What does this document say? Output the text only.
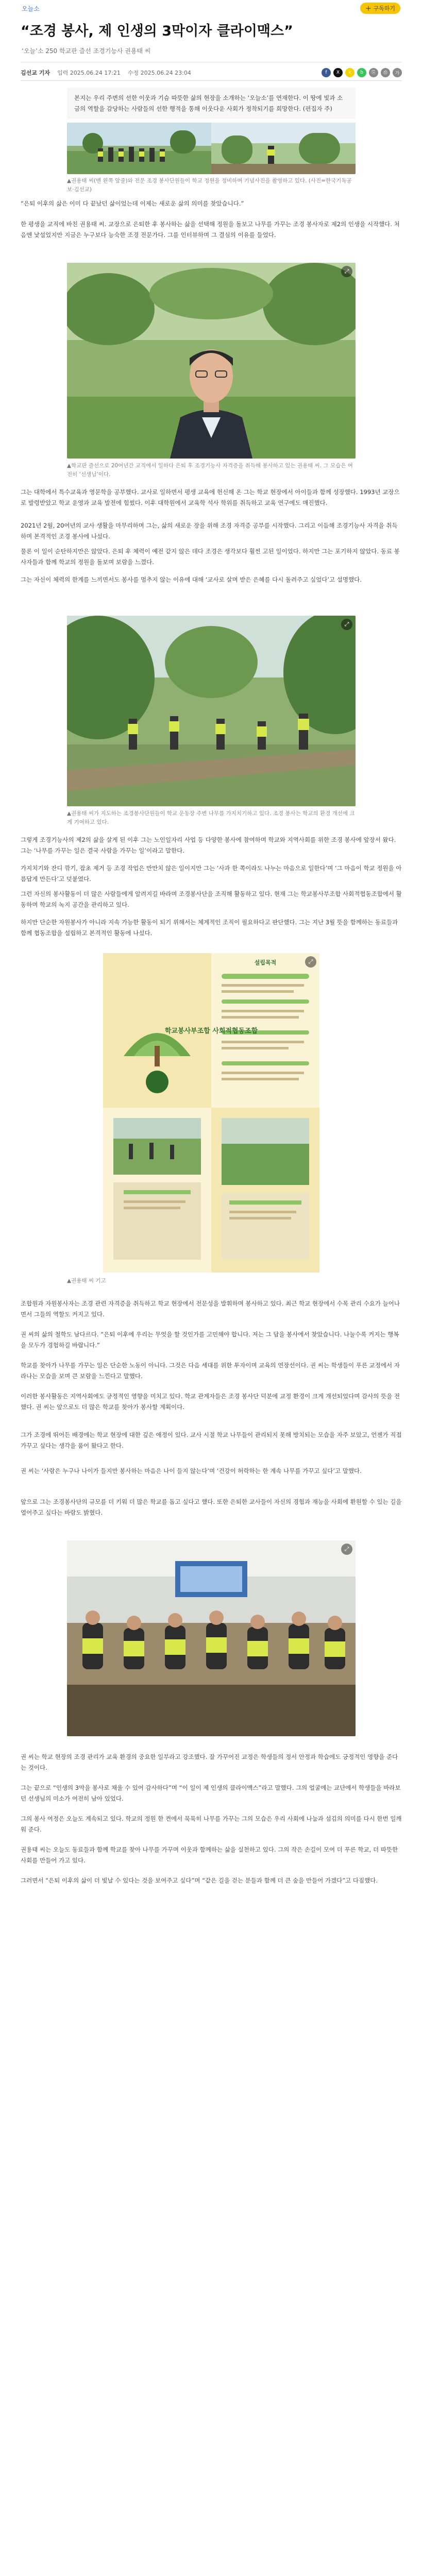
오늘소	＋ 구독하기
“조경 봉사, 제 인생의 3막이자 클라이맥스”
‘오늘’소 250 학교판 즐선 조경기능사 권용태 씨
김선교 기자 입력 2025.06.24 17:21 수정 2025.06.24 23:04	f	X	k	b	⎘	⎙	가
본지는 우리 주변의 선한 이웃과 기슴 따뜻한 삶의 현장을 소개하는 ‘오늘소’를 연재한다. 이 땅에 빛과 소금의 역할을 감당하는 사람들의 선한 행적을 통해 이웃다운 사회가 정착되기를 희망한다. (편집자 주)
▲권용태 씨(맨 왼쪽 앞줄)와 전문 조경 봉사단원들이 학교 정원을 정비하며 기념사진을 촬영하고 있다. (사진=한국기독공보·김선교)

“은퇴 이후의 삶은 이미 다 끝났던 삶이었는데 이제는 새로운 삶의 의미를 찾았습니다.”

한 평생을 교직에 바친 권용태 씨. 교장으로 은퇴한 후 봉사하는 삶을 선택해 정원을 돌보고 나무를 가꾸는 조경 봉사자로 제2의 인생을 시작했다. 처음엔 낯설었지만 지금은 누구보다 능숙한 조경 전문가다. 그를 인터뷰하며 그 결심의 이유를 들었다.

⤢
▲학교판 즐선으로 20여년간 교직에서 일하다 은퇴 후 조경기능사 자격증을 취득해 봉사하고 있는 권용태 씨. 그 모습은 여전히 ‘선생님’이다.

그는 대학에서 특수교육과 영문학을 공부했다. 교사로 일하면서 평생 교육에 헌신해 온 그는 학교 현장에서 아이들과 함께 성장했다. 1993년 교장으로 발령받았고 학교 운영과 교육 발전에 힘썼다. 이후 대학원에서 교육학 석사 학위를 취득하고 교육 연구에도 매진했다.

2021년 2월, 20여년의 교사 생활을 마무리하며 그는, 삶의 새로운 장을 위해 조경 자격증 공부를 시작했다. 그리고 이듬해 조경기능사 자격을 취득하며 본격적인 조경 봉사에 나섰다.

물론 이 일이 순탄하지만은 않았다. 은퇴 후 체력이 예전 같지 않은 데다 조경은 생각보다 훨씬 고된 일이었다. 하지만 그는 포기하지 않았다. 동료 봉사자들과 함께 학교의 정원을 돌보며 보람을 느꼈다.

그는 자신이 체력의 한계를 느끼면서도 봉사를 멈추지 않는 이유에 대해 ‘교사로 살며 받은 은혜를 다시 돌려주고 싶었다’고 설명했다.

⤢
▲권용태 씨가 지도하는 조경봉사단원들이 학교 운동장 주변 나무를 가지치기하고 있다. 조경 봉사는 학교의 환경 개선에 크게 기여하고 있다.

그렇게 조경기능사의 제2의 삶을 살게 된 이후 그는 노인일자리 사업 등 다양한 봉사에 참여하며 학교와 지역사회를 위한 조경 봉사에 앞장서 왔다. 그는 ‘나무를 가꾸는 일은 결국 사람을 가꾸는 일’이라고 말한다.

가지치기와 잔디 깎기, 잡초 제거 등 조경 작업은 만만치 않은 일이지만 그는 ‘사과 한 쪽이라도 나누는 마음으로 일한다’며 ‘그 마음이 학교 정원을 아름답게 만든다’고 덧붙였다.

그런 자신의 봉사활동이 더 많은 사람들에게 알려지길 바라며 조경봉사단을 조직해 활동하고 있다. 현재 그는 학교봉사부조합 사회적협동조합에서 활동하며 학교의 녹지 공간을 관리하고 있다.

하지만 단순한 자원봉사가 아니라 지속 가능한 활동이 되기 위해서는 체계적인 조직이 필요하다고 판단했다. 그는 지난 3월 뜻을 함께하는 동료들과 함께 협동조합을 설립하고 본격적인 활동에 나섰다.

학교봉사부조합 사회적협동조합
설립목적	⤢
▲권용태 씨 기고

조합원과 자원봉사자는 조경 관련 자격증을 취득하고 학교 현장에서 전문성을 발휘하며 봉사하고 있다. 최근 학교 현장에서 수목 관리 수요가 늘어나면서 그들의 역할도 커지고 있다.

권 씨의 삶의 철학도 남다르다. “은퇴 이후에 우리는 무엇을 할 것인가를 고민해야 합니다. 저는 그 답을 봉사에서 찾았습니다. 나눌수록 커지는 행복을 모두가 경험하길 바랍니다.”

학교를 찾아가 나무를 가꾸는 일은 단순한 노동이 아니다. 그것은 다음 세대를 위한 투자이며 교육의 연장선이다. 권 씨는 학생들이 푸른 교정에서 자라나는 모습을 보며 큰 보람을 느낀다고 말했다.

이러한 봉사활동은 지역사회에도 긍정적인 영향을 미치고 있다. 학교 관계자들은 조경 봉사단 덕분에 교정 환경이 크게 개선되었다며 감사의 뜻을 전했다. 권 씨는 앞으로도 더 많은 학교를 찾아가 봉사할 계획이다.

그가 조경에 뛰어든 배경에는 학교 현장에 대한 깊은 애정이 있다. 교사 시절 학교 나무들이 관리되지 못해 방치되는 모습을 자주 보았고, 언젠가 직접 가꾸고 싶다는 생각을 품어 왔다고 한다.

권 씨는 ‘사람은 누구나 나이가 들지만 봉사하는 마음은 나이 들지 않는다’며 ‘건강이 허락하는 한 계속 나무를 가꾸고 싶다’고 말했다.

앞으로 그는 조경봉사단의 규모를 더 키워 더 많은 학교를 돕고 싶다고 했다. 또한 은퇴한 교사들이 자신의 경험과 재능을 사회에 환원할 수 있는 길을 열어주고 싶다는 바람도 밝혔다.

⤢

권 씨는 학교 현장의 조경 관리가 교육 환경의 중요한 일부라고 강조했다. 잘 가꾸어진 교정은 학생들의 정서 안정과 학습에도 긍정적인 영향을 준다는 것이다.

그는 끝으로 “인생의 3막을 봉사로 채울 수 있어 감사하다”며 “이 일이 제 인생의 클라이맥스”라고 말했다. 그의 얼굴에는 교단에서 학생들을 바라보던 선생님의 미소가 여전히 남아 있었다.

그의 봉사 여정은 오늘도 계속되고 있다. 학교의 정원 한 켠에서 묵묵히 나무를 가꾸는 그의 모습은 우리 사회에 나눔과 섬김의 의미를 다시 한번 일깨워 준다.

권용태 씨는 오늘도 동료들과 함께 학교를 찾아 나무를 가꾸며 이웃과 함께하는 삶을 실천하고 있다. 그의 작은 손길이 모여 더 푸른 학교, 더 따뜻한 사회를 만들어 가고 있다.

그러면서 “은퇴 이후의 삶이 더 빛날 수 있다는 것을 보여주고 싶다”며 “같은 길을 걷는 분들과 함께 더 큰 숲을 만들어 가겠다”고 다짐했다.
